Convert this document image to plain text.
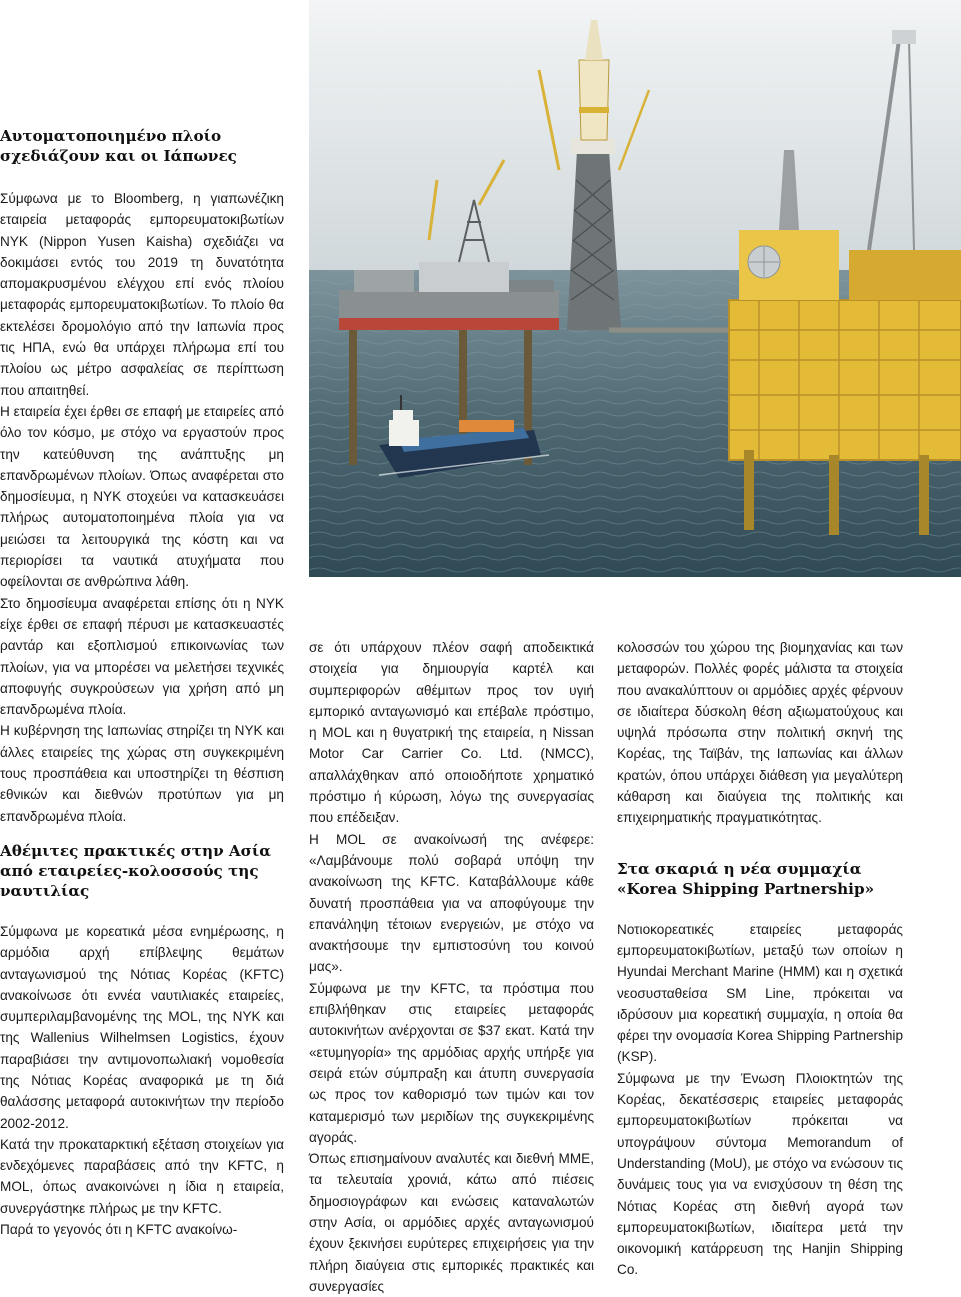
Αυτοματοποιημένο πλοίο σχεδιάζουν και οι Ιάπωνες

Σύμφωνα με το Bloomberg, η γιαπωνέζικη εταιρεία μεταφοράς εμπορευματοκιβωτίων NYK (Nippon Yusen Kaisha) σχεδιάζει να δοκιμάσει εντός του 2019 τη δυνατότητα απομακρυσμένου ελέγχου επί ενός πλοίου μεταφοράς εμπορευματοκιβωτίων. Το πλοίο θα εκτελέσει δρομολόγιο από την Ιαπωνία προς τις ΗΠΑ, ενώ θα υπάρχει πλήρωμα επί του πλοίου ως μέτρο ασφαλείας σε περίπτωση που απαιτηθεί.

Η εταιρεία έχει έρθει σε επαφή με εταιρείες από όλο τον κόσμο, με στόχο να εργαστούν προς την κατεύθυνση της ανάπτυξης μη επανδρωμένων πλοίων. Όπως αναφέρεται στο δημοσίευμα, η NYK στοχεύει να κατασκευάσει πλήρως αυτοματοποιημένα πλοία για να μειώσει τα λειτουργικά της κόστη και να περιορίσει τα ναυτικά ατυχήματα που οφείλονται σε ανθρώπινα λάθη.

Στο δημοσίευμα αναφέρεται επίσης ότι η NYK είχε έρθει σε επαφή πέρυσι με κατασκευαστές ραντάρ και εξοπλισμού επικοινωνίας των πλοίων, για να μπορέσει να μελετήσει τεχνικές αποφυγής συγκρούσεων για χρήση από μη επανδρωμένα πλοία.

Η κυβέρνηση της Ιαπωνίας στηρίζει τη NYK και άλλες εταιρείες της χώρας στη συγκεκριμένη τους προσπάθεια και υποστηρίζει τη θέσπιση εθνικών και διεθνών προτύπων για μη επανδρωμένα πλοία.

Αθέμιτες πρακτικές στην Ασία από εταιρείες-κολοσσούς της ναυτιλίας

Σύμφωνα με κορεατικά μέσα ενημέρωσης, η αρμόδια αρχή επίβλεψης θεμάτων ανταγωνισμού της Νότιας Κορέας (KFTC) ανακοίνωσε ότι εννέα ναυτιλιακές εταιρείες, συμπεριλαμβανομένης της MOL, της NYK και της Wallenius Wilhelmsen Logistics, έχουν παραβιάσει την αντιμονοπωλιακή νομοθεσία της Νότιας Κορέας αναφορικά με τη διά θαλάσσης μεταφορά αυτοκινήτων την περίοδο 2002-2012.

Κατά την προκαταρκτική εξέταση στοιχείων για ενδεχόμενες παραβάσεις από την KFTC, η MOL, όπως ανακοινώνει η ίδια η εταιρεία, συνεργάστηκε πλήρως με την KFTC.

Παρά το γεγονός ότι η KFTC ανακοίνω-

σε ότι υπάρχουν πλέον σαφή αποδεικτικά στοιχεία για δημιουργία καρτέλ και συμπεριφορών αθέμιτων προς τον υγιή εμπορικό ανταγωνισμό και επέβαλε πρόστιμο, η MOL και η θυγατρική της εταιρεία, η Nissan Motor Car Carrier Co. Ltd. (NMCC), απαλλάχθηκαν από οποιοδήποτε χρηματικό πρόστιμο ή κύρωση, λόγω της συνεργασίας που επέδειξαν.

Η MOL σε ανακοίνωσή της ανέφερε: «Λαμβάνουμε πολύ σοβαρά υπόψη την ανακοίνωση της KFTC. Καταβάλλουμε κάθε δυνατή προσπάθεια για να αποφύγουμε την επανάληψη τέτοιων ενεργειών, με στόχο να ανακτήσουμε την εμπιστοσύνη του κοινού μας».

Σύμφωνα με την KFTC, τα πρόστιμα που επιβλήθηκαν στις εταιρείες μεταφοράς αυτοκινήτων ανέρχονται σε $37 εκατ. Κατά την «ετυμηγορία» της αρμόδιας αρχής υπήρξε για σειρά ετών σύμπραξη και άτυπη συνεργασία ως προς τον καθορισμό των τιμών και τον καταμερισμό των μεριδίων της συγκεκριμένης αγοράς.

Όπως επισημαίνουν αναλυτές και διεθνή ΜΜΕ, τα τελευταία χρονιά, κάτω από πιέσεις δημοσιογράφων και ενώσεις καταναλωτών στην Ασία, οι αρμόδιες αρχές ανταγωνισμού έχουν ξεκινήσει ευρύτερες επιχειρήσεις για την πλήρη διαύγεια στις εμπορικές πρακτικές και συνεργασίες

κολοσσών του χώρου της βιομηχανίας και των μεταφορών. Πολλές φορές μάλιστα τα στοιχεία που ανακαλύπτουν οι αρμόδιες αρχές φέρνουν σε ιδιαίτερα δύσκολη θέση αξιωματούχους και υψηλά πρόσωπα στην πολιτική σκηνή της Κορέας, της Ταϊβάν, της Ιαπωνίας και άλλων κρατών, όπου υπάρχει διάθεση για μεγαλύτερη κάθαρση και διαύγεια της πολιτικής και επιχειρηματικής πραγματικότητας.

Στα σκαριά η νέα συμμαχία «Korea Shipping Partnership»

Νοτιοκορεατικές εταιρείες μεταφοράς εμπορευματοκιβωτίων, μεταξύ των οποίων η Hyundai Merchant Marine (HMM) και η σχετικά νεοσυσταθείσα SM Line, πρόκειται να ιδρύσουν μια κορεατική συμμαχία, η οποία θα φέρει την ονομασία Korea Shipping Partnership (KSP).

Σύμφωνα με την Ένωση Πλοιοκτητών της Κορέας, δεκατέσσερις εταιρείες μεταφοράς εμπορευματοκιβωτίων πρόκειται να υπογράψουν σύντομα Memorandum of Understanding (MoU), με στόχο να ενώσουν τις δυνάμεις τους για να ενισχύσουν τη θέση της Νότιας Κορέας στη διεθνή αγορά των εμπορευματοκιβωτίων, ιδιαίτερα μετά την οικονομική κατάρρευση της Hanjin Shipping Co.
